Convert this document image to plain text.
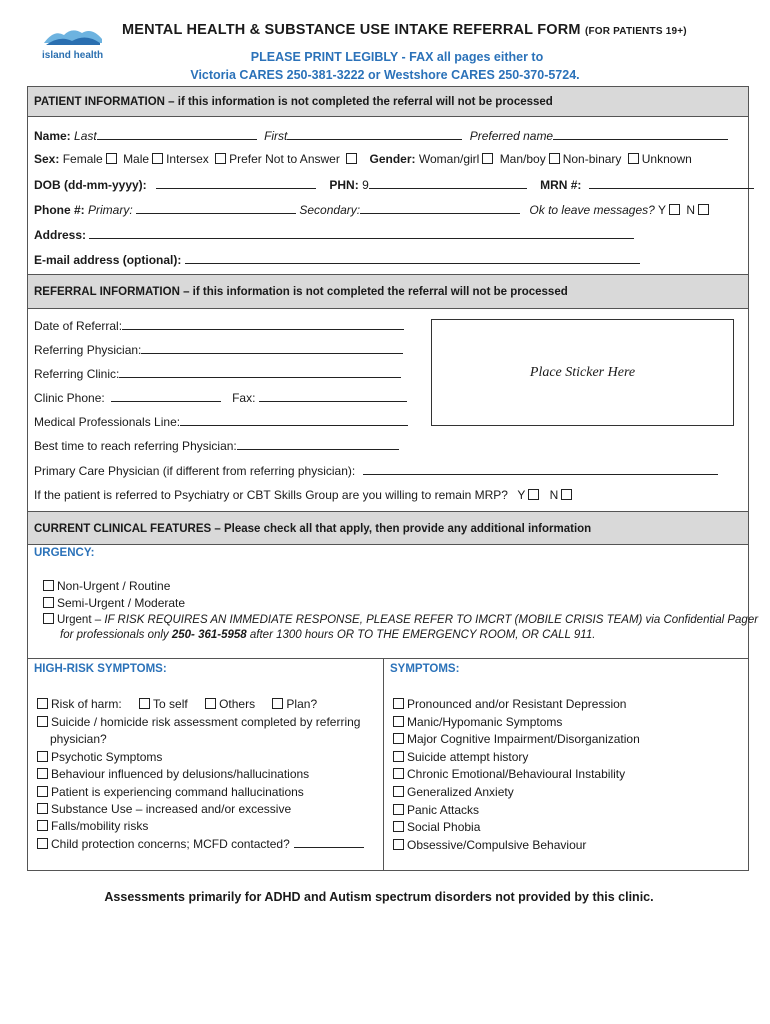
island health
MENTAL HEALTH & SUBSTANCE USE INTAKE REFERRAL FORM (FOR PATIENTS 19+)
PLEASE PRINT LEGIBLY - FAX all pages either to
Victoria CARES 250-381-3222 or Westshore CARES 250-370-5724.
PATIENT INFORMATION – if this information is not completed the referral will not be processed
Name: Last	First	Preferred name
Sex: Female Male Intersex Prefer Not to Answer Gender: Woman/girl Man/boy Non-binary Unknown
DOB (dd-mm-yyyy):	PHN: 9	MRN #:
Phone #: Primary:	Secondary:	Ok to leave messages? Y N
Address:
E-mail address (optional):
REFERRAL INFORMATION – if this information is not completed the referral will not be processed
Date of Referral:
Referring Physician:
Referring Clinic:
Clinic Phone:	Fax:
Medical Professionals Line:
Best time to reach referring Physician:
Primary Care Physician (if different from referring physician):
If the patient is referred to Psychiatry or CBT Skills Group are you willing to remain MRP? Y N
Place Sticker Here
CURRENT CLINICAL FEATURES – Please check all that apply, then provide any additional information
URGENCY:
Non-Urgent / Routine
Semi-Urgent / Moderate
Urgent – IF RISK REQUIRES AN IMMEDIATE RESPONSE, PLEASE REFER TO IMCRT (MOBILE CRISIS TEAM) via Confidential Pager
for professionals only 250- 361-5958 after 1300 hours OR TO THE EMERGENCY ROOM, OR CALL 911.
HIGH-RISK SYMPTOMS:	SYMPTOMS:
Risk of harm:	To self	Others	Plan?
Suicide / homicide risk assessment completed by referring
physician?
Psychotic Symptoms
Behaviour influenced by delusions/hallucinations
Patient is experiencing command hallucinations
Substance Use – increased and/or excessive
Falls/mobility risks
Child protection concerns; MCFD contacted?
Pronounced and/or Resistant Depression
Manic/Hypomanic Symptoms
Major Cognitive Impairment/Disorganization
Suicide attempt history
Chronic Emotional/Behavioural Instability
Generalized Anxiety
Panic Attacks
Social Phobia
Obsessive/Compulsive Behaviour
Assessments primarily for ADHD and Autism spectrum disorders not provided by this clinic.
